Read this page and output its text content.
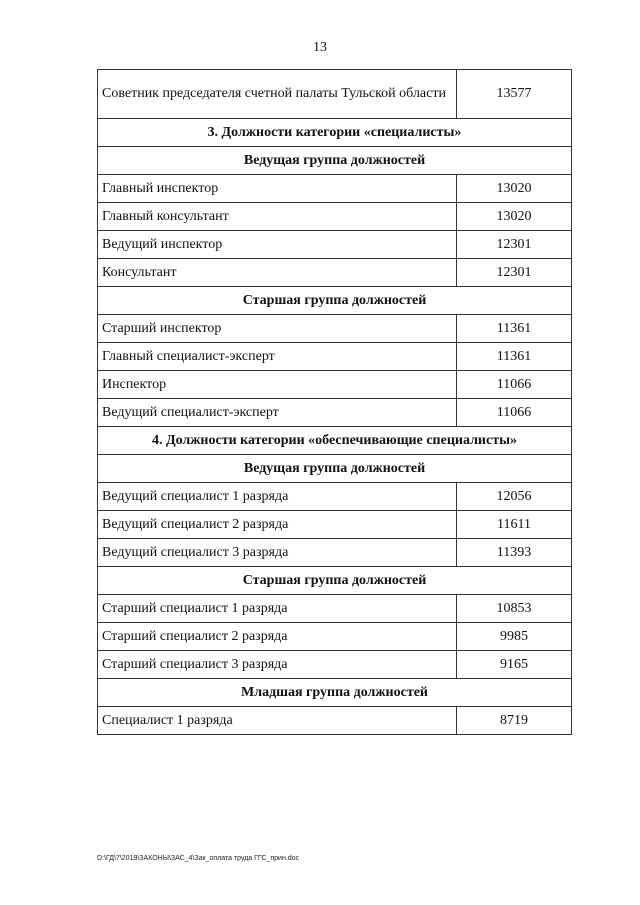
13
Советник председателя счетной палаты Тульской области	13577
3. Должности категории «специалисты»	
Ведущая группа должностей	
Главный инспектор	13020
Главный консультант	13020
Ведущий инспектор	12301
Консультант	12301
Старшая группа должностей	
Старший инспектор	11361
Главный специалист-эксперт	11361
Инспектор	11066
Ведущий специалист-эксперт	11066
4. Должности категории «обеспечивающие специалисты»	
Ведущая группа должностей	
Ведущий специалист 1 разряда	12056
Ведущий специалист 2 разряда	11611
Ведущий специалист 3 разряда	11393
Старшая группа должностей	
Старший специалист 1 разряда	10853
Старший специалист 2 разряда	9985
Старший специалист 3 разряда	9165
Младшая группа должностей	
Специалист 1 разряда	8719
D:\ГД\7\2019\ЗАКОНЫ\ЗАС_4\Зак_оплата труда ГГС_прин.doc
